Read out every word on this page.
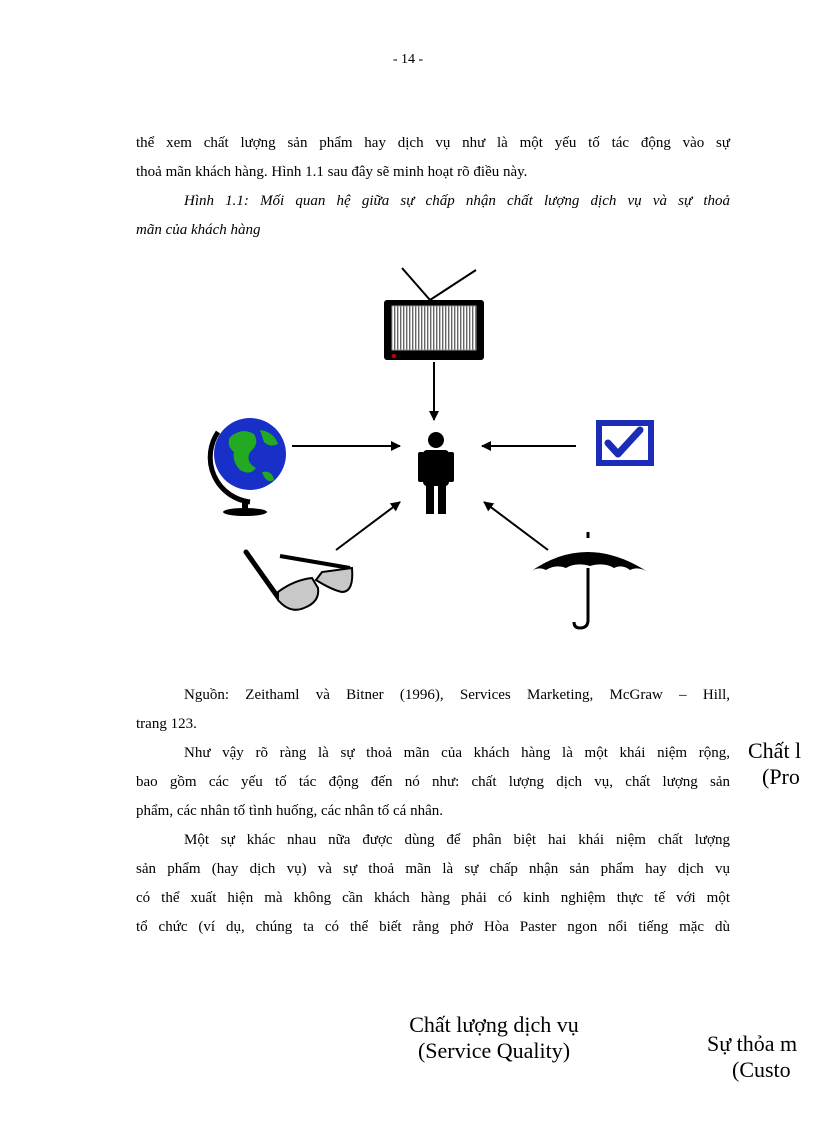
- 14 -

thể xem chất lượng sản phẩm hay dịch vụ như là một yếu tố tác động vào sự

thoả mãn khách hàng. Hình 1.1 sau đây sẽ minh hoạt rõ điều này.

Hình 1.1: Mối quan hệ giữa sự chấp nhận chất lượng dịch vụ và sự thoả

mãn của khách hàng

Nguồn: Zeithaml và Bitner (1996), Services Marketing, McGraw – Hill,

trang 123.

Như vậy rõ ràng là sự thoả mãn của khách hàng là một khái niệm rộng,

bao gồm các yếu tố tác động đến nó như: chất lượng dịch vụ, chất lượng sản

phẩm, các nhân tố tình huống, các nhân tố cá nhân.

Một sự khác nhau nữa được dùng để phân biệt hai khái niệm chất lượng

sản phẩm (hay dịch vụ) và sự thoả mãn là sự chấp nhận sản phẩm hay dịch vụ

có thể xuất hiện mà không cần khách hàng phải có kinh nghiệm thực tế với một

tổ chức (ví dụ, chúng ta có thể biết rằng phở Hòa Paster ngon nổi tiếng mặc dù

Chất l
(Pro
Chất lượng dịch vụ
(Service Quality)	Sự thỏa m
(Custo
